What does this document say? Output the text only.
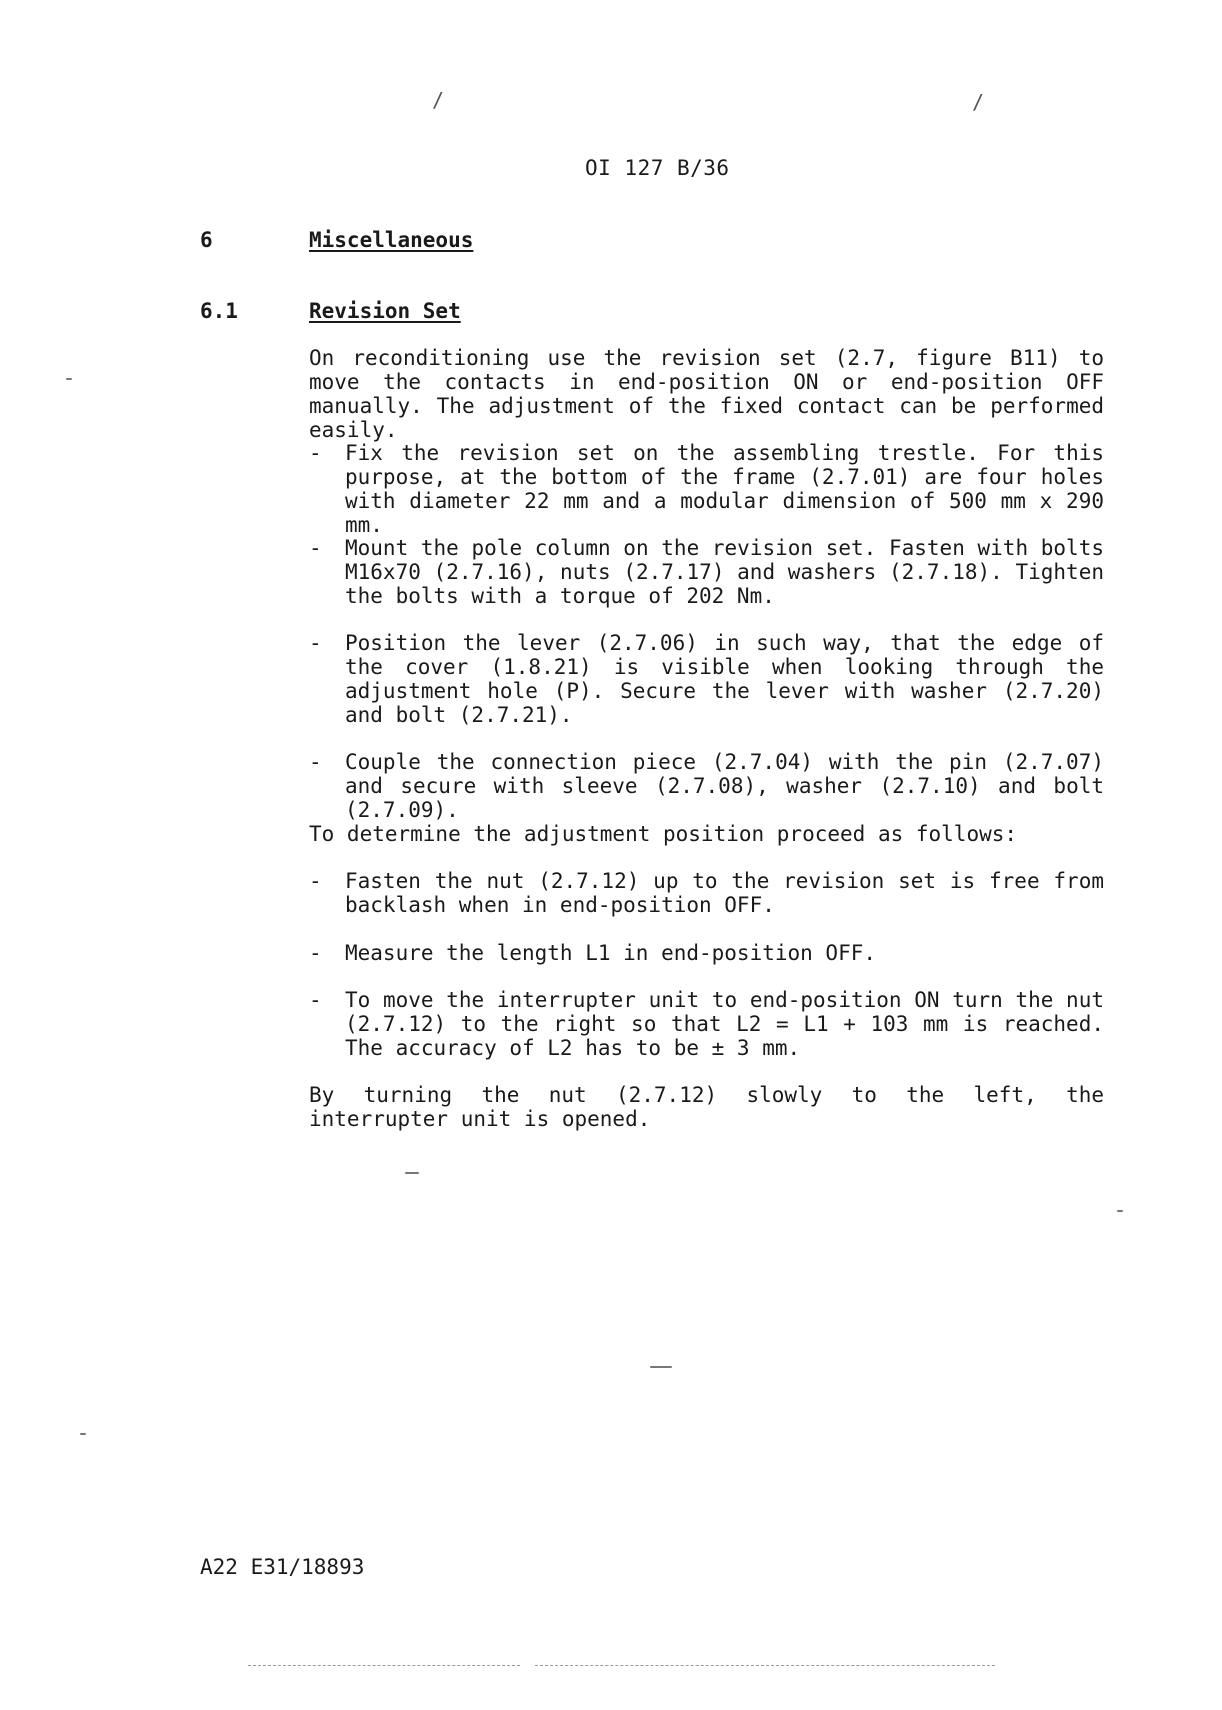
/	/
OI 127 B/36
6	Miscellaneous
6.1	Revision Set

On reconditioning use the revision set (2.7, figure B11) to move the contacts in end-position ON or end-position OFF manually. The adjustment of the fixed contact can be performed easily.

- Fix the revision set on the assembling trestle. For this purpose, at the bottom of the frame (2.7.01) are four holes with diameter 22 mm and a modular dimension of 500 mm x 290 mm.

- Mount the pole column on the revision set. Fasten with bolts M16x70 (2.7.16), nuts (2.7.17) and washers (2.7.18). Tighten the bolts with a torque of 202 Nm.

- Position the lever (2.7.06) in such way, that the edge of the cover (1.8.21) is visible when looking through the adjustment hole (P). Secure the lever with washer (2.7.20) and bolt (2.7.21).

- Couple the connection piece (2.7.04) with the pin (2.7.07) and secure with sleeve (2.7.08), washer (2.7.10) and bolt (2.7.09).

To determine the adjustment position proceed as follows:

- Fasten the nut (2.7.12) up to the revision set is free from backlash when in end-position OFF.

- Measure the length L1 in end-position OFF.

- To move the interrupter unit to end-position ON turn the nut (2.7.12) to the right so that L2 = L1 + 103 mm is reached. The accuracy of L2 has to be ± 3 mm.

By turning the nut (2.7.12) slowly to the left, the interrupter unit is opened.

A22 E31/18893
